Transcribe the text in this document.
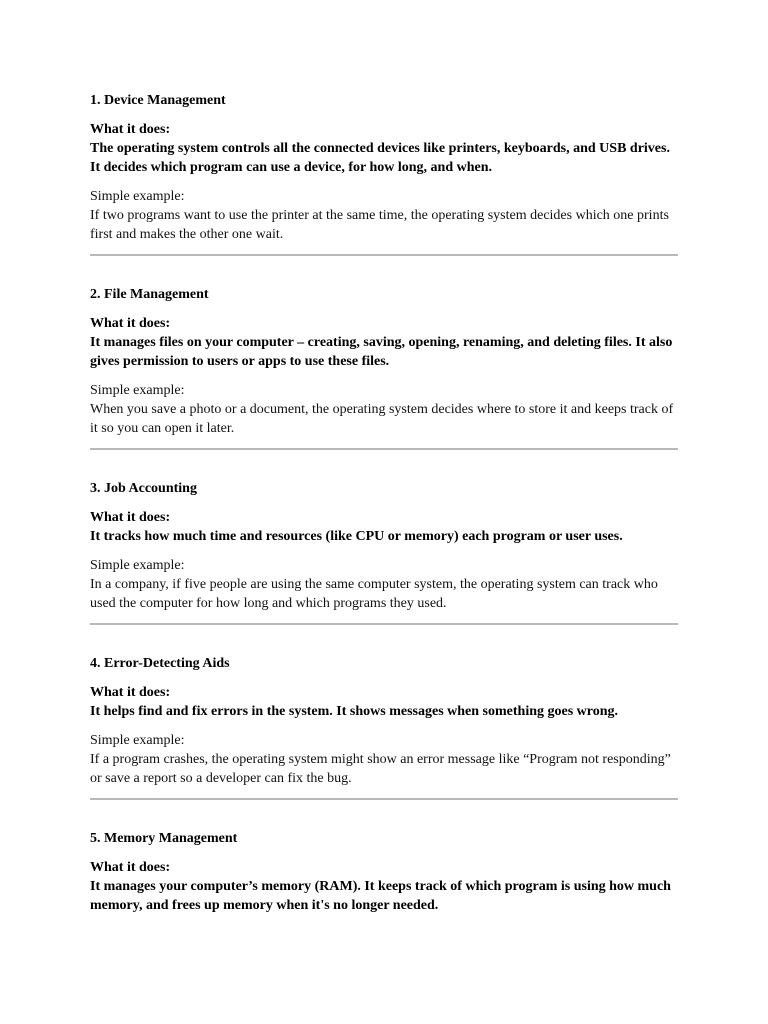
1. Device Management

What it does:

The operating system controls all the connected devices like printers, keyboards, and USB drives. It decides which program can use a device, for how long, and when.

Simple example:

If two programs want to use the printer at the same time, the operating system decides which one prints first and makes the other one wait.

2. File Management

What it does:

It manages files on your computer – creating, saving, opening, renaming, and deleting files. It also gives permission to users or apps to use these files.

Simple example:

When you save a photo or a document, the operating system decides where to store it and keeps track of it so you can open it later.

3. Job Accounting

What it does:

It tracks how much time and resources (like CPU or memory) each program or user uses.

Simple example:

In a company, if five people are using the same computer system, the operating system can track who used the computer for how long and which programs they used.

4. Error-Detecting Aids

What it does:

It helps find and fix errors in the system. It shows messages when something goes wrong.

Simple example:

If a program crashes, the operating system might show an error message like “Program not responding” or save a report so a developer can fix the bug.

5. Memory Management

What it does:

It manages your computer’s memory (RAM). It keeps track of which program is using how much memory, and frees up memory when it's no longer needed.
